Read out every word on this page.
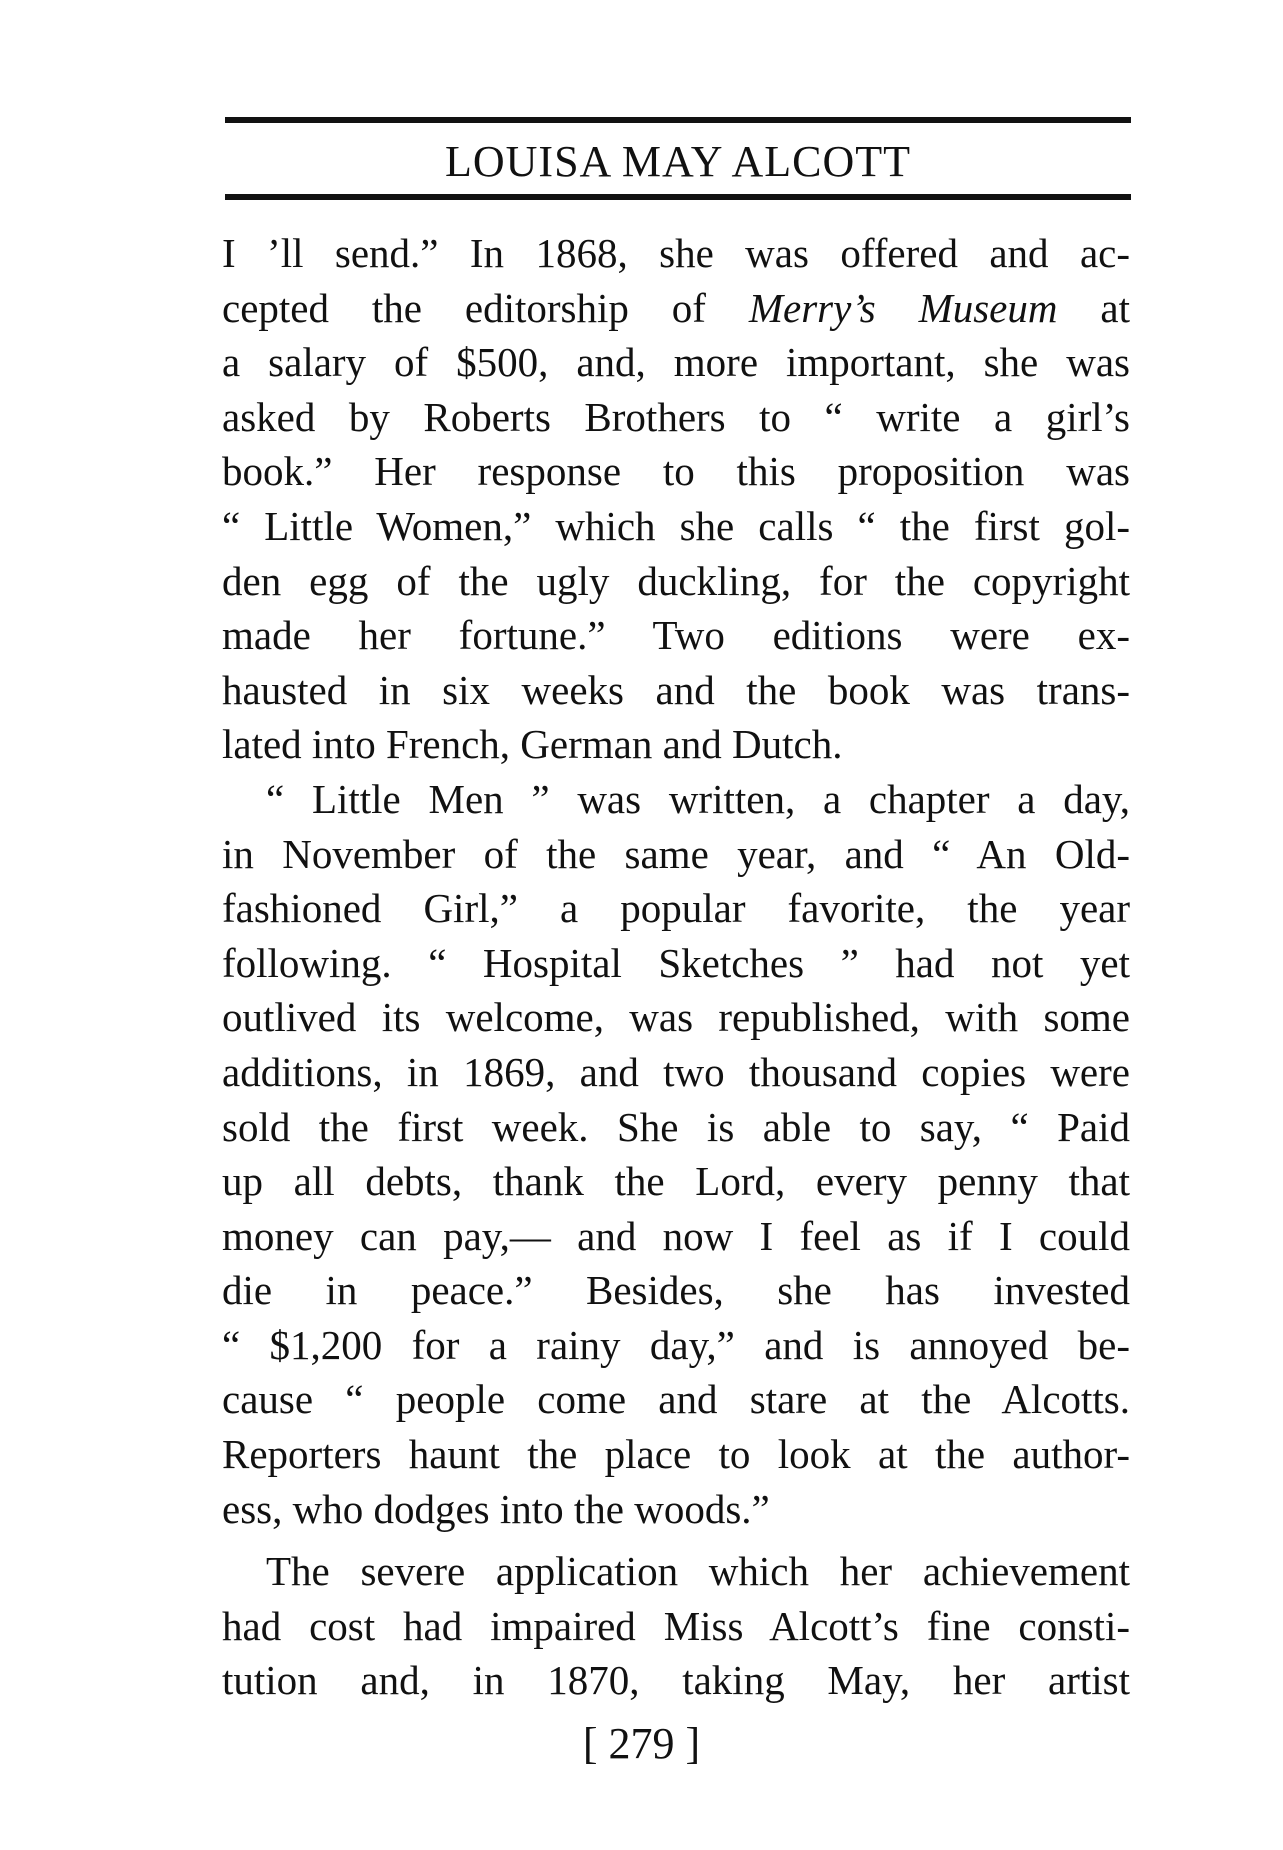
LOUISA MAY ALCOTT
I ’ll send.” In 1868, she was offered and ac-
cepted the editorship of Merry’s Museum at
a salary of $500, and, more important, she was
asked by Roberts Brothers to “ write a girl’s
book.” Her response to this proposition was
“ Little Women,” which she calls “ the first gol-
den egg of the ugly duckling, for the copyright
made her fortune.” Two editions were ex-
hausted in six weeks and the book was trans-
lated into French, German and Dutch.
“ Little Men ” was written, a chapter a day,
in November of the same year, and “ An Old-
fashioned Girl,” a popular favorite, the year
following. “ Hospital Sketches ” had not yet
outlived its welcome, was republished, with some
additions, in 1869, and two thousand copies were
sold the first week. She is able to say, “ Paid
up all debts, thank the Lord, every penny that
money can pay,— and now I feel as if I could
die in peace.” Besides, she has invested
“ $1,200 for a rainy day,” and is annoyed be-
cause “ people come and stare at the Alcotts.
Reporters haunt the place to look at the author-
ess, who dodges into the woods.”
The severe application which her achievement
had cost had impaired Miss Alcott’s fine consti-
tution and, in 1870, taking May, her artist
[ 279 ]
